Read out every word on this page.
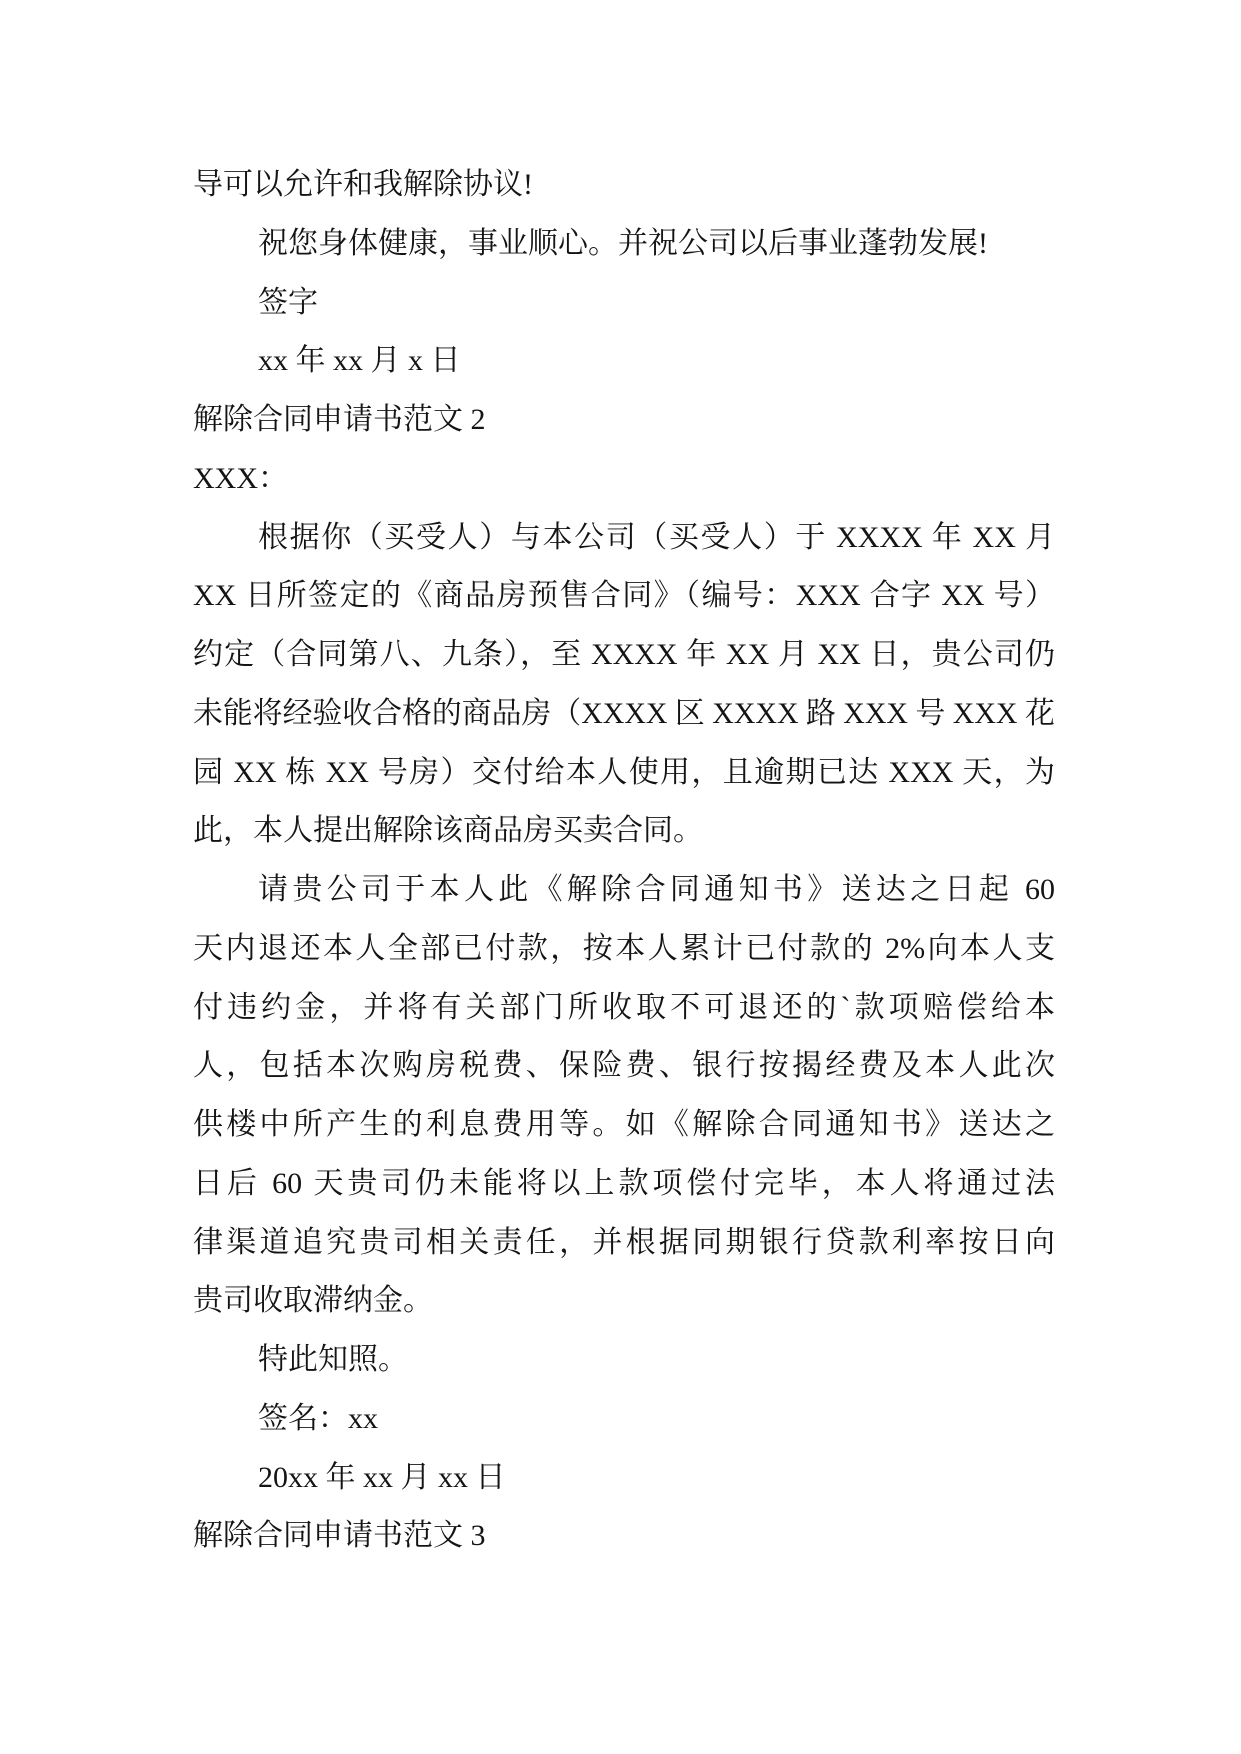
导可以允许和我解除协议!
祝您身体健康，事业顺心。并祝公司以后事业蓬勃发展!
签字
xx 年 xx 月 x 日
解除合同申请书范文 2
XXX：
根据你（买受人）与本公司（买受人）于 XXXX 年 XX 月
XX 日所签定的《商品房预售合同》（编号：XXX 合字 XX 号）
约定（合同第八、九条），至 XXXX 年 XX 月 XX 日，贵公司仍
未能将经验收合格的商品房（XXXX 区 XXXX 路 XXX 号 XXX 花
园 XX 栋 XX 号房）交付给本人使用，且逾期已达 XXX 天，为
此，本人提出解除该商品房买卖合同。
请贵公司于本人此《解除合同通知书》送达之日起 60
天内退还本人全部已付款，按本人累计已付款的 2%向本人支
付违约金，并将有关部门所收取不可退还的`款项赔偿给本
人，包括本次购房税费、保险费、银行按揭经费及本人此次
供楼中所产生的利息费用等。如《解除合同通知书》送达之
日后 60 天贵司仍未能将以上款项偿付完毕，本人将通过法
律渠道追究贵司相关责任，并根据同期银行贷款利率按日向
贵司收取滞纳金。
特此知照。
签名：xx
20xx 年 xx 月 xx 日
解除合同申请书范文 3
